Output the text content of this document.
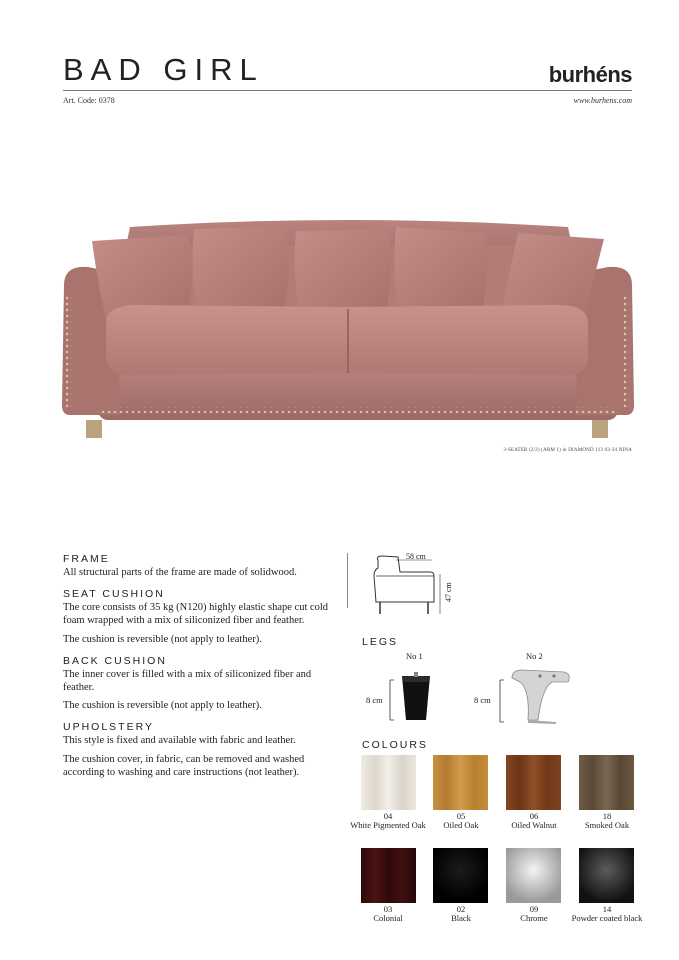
BAD GIRL	burhéns
Art. Code: 0378	www.burhens.com
3-SEATER (2/2) (ARM 1) in DIAMOND 113 03-34 NINA
FRAME

All structural parts of the frame are made of solidwood.

SEAT CUSHION

The core consists of 35 kg (N120) highly elastic shape cut cold foam wrapped with a mix of siliconized fiber and feather.

The cushion is reversible (not apply to leather).

BACK CUSHION

The inner cover is filled with a mix of siliconized fiber and feather.

The cushion is reversible (not apply to leather).

UPHOLSTERY

This style is fixed and available with fabric and leather.

The cushion cover, in fabric, can be removed and washed according to washing and care instructions (not leather).

58 cm
47 cm
LEGS
No 1
8 cm
No 2
8 cm
COLOURS
04
White Pigmented Oak
05
Oiled Oak
06
Oiled Walnut
18
Smoked Oak
03
Colonial
02
Black
09
Chrome
14
Powder coated black
